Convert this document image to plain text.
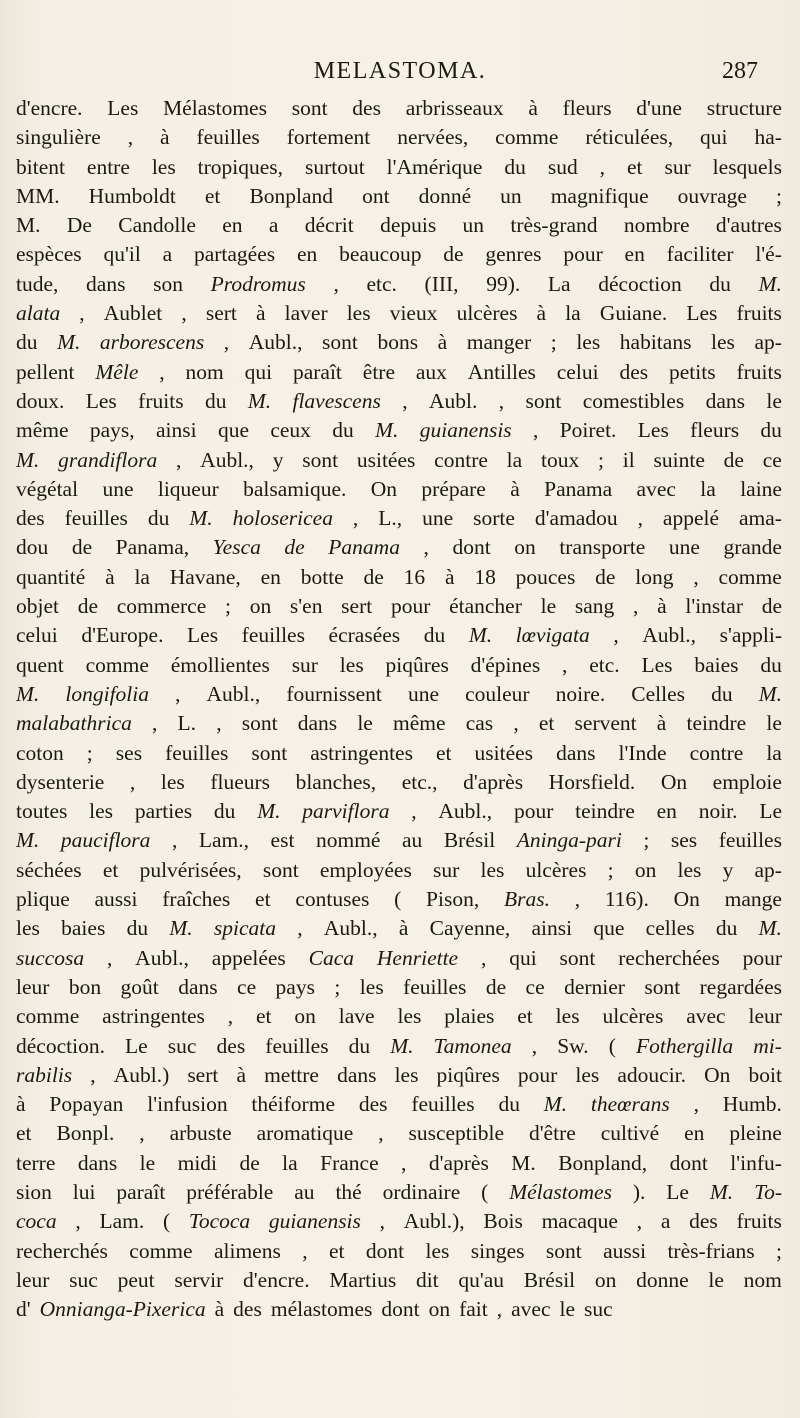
MELASTOMA.	287
d'encre. Les Mélastomes sont des arbrisseaux à fleurs d'une structure
singulière , à feuilles fortement nervées, comme réticulées, qui ha-
bitent entre les tropiques, surtout l'Amérique du sud , et sur lesquels
MM. Humboldt et Bonpland ont donné un magnifique ouvrage ;
M. De Candolle en a décrit depuis un très-grand nombre d'autres
espèces qu'il a partagées en beaucoup de genres pour en faciliter l'é-
tude, dans son Prodromus , etc. (III, 99). La décoction du M.
alata , Aublet , sert à laver les vieux ulcères à la Guiane. Les fruits
du M. arborescens , Aubl., sont bons à manger ; les habitans les ap-
pellent Mêle , nom qui paraît être aux Antilles celui des petits fruits
doux. Les fruits du M. flavescens , Aubl. , sont comestibles dans le
même pays, ainsi que ceux du M. guianensis , Poiret. Les fleurs du
M. grandiflora , Aubl., y sont usitées contre la toux ; il suinte de ce
végétal une liqueur balsamique. On prépare à Panama avec la laine
des feuilles du M. holosericea , L., une sorte d'amadou , appelé ama-
dou de Panama, Yesca de Panama , dont on transporte une grande
quantité à la Havane, en botte de 16 à 18 pouces de long , comme
objet de commerce ; on s'en sert pour étancher le sang , à l'instar de
celui d'Europe. Les feuilles écrasées du M. lœvigata , Aubl., s'appli-
quent comme émollientes sur les piqûres d'épines , etc. Les baies du
M. longifolia , Aubl., fournissent une couleur noire. Celles du M.
malabathrica , L. , sont dans le même cas , et servent à teindre le
coton ; ses feuilles sont astringentes et usitées dans l'Inde contre la
dysenterie , les flueurs blanches, etc., d'après Horsfield. On emploie
toutes les parties du M. parviflora , Aubl., pour teindre en noir. Le
M. pauciflora , Lam., est nommé au Brésil Aninga-pari ; ses feuilles
séchées et pulvérisées, sont employées sur les ulcères ; on les y ap-
plique aussi fraîches et contuses ( Pison, Bras. , 116). On mange
les baies du M. spicata , Aubl., à Cayenne, ainsi que celles du M.
succosa , Aubl., appelées Caca Henriette , qui sont recherchées pour
leur bon goût dans ce pays ; les feuilles de ce dernier sont regardées
comme astringentes , et on lave les plaies et les ulcères avec leur
décoction. Le suc des feuilles du M. Tamonea , Sw. ( Fothergilla mi-
rabilis , Aubl.) sert à mettre dans les piqûres pour les adoucir. On boit
à Popayan l'infusion théiforme des feuilles du M. theœrans , Humb.
et Bonpl. , arbuste aromatique , susceptible d'être cultivé en pleine
terre dans le midi de la France , d'après M. Bonpland, dont l'infu-
sion lui paraît préférable au thé ordinaire ( Mélastomes ). Le M. To-
coca , Lam. ( Tococa guianensis , Aubl.), Bois macaque , a des fruits
recherchés comme alimens , et dont les singes sont aussi très-frians ;
leur suc peut servir d'encre. Martius dit qu'au Brésil on donne le nom
d' Onnianga-Pixerica à des mélastomes dont on fait , avec le suc
